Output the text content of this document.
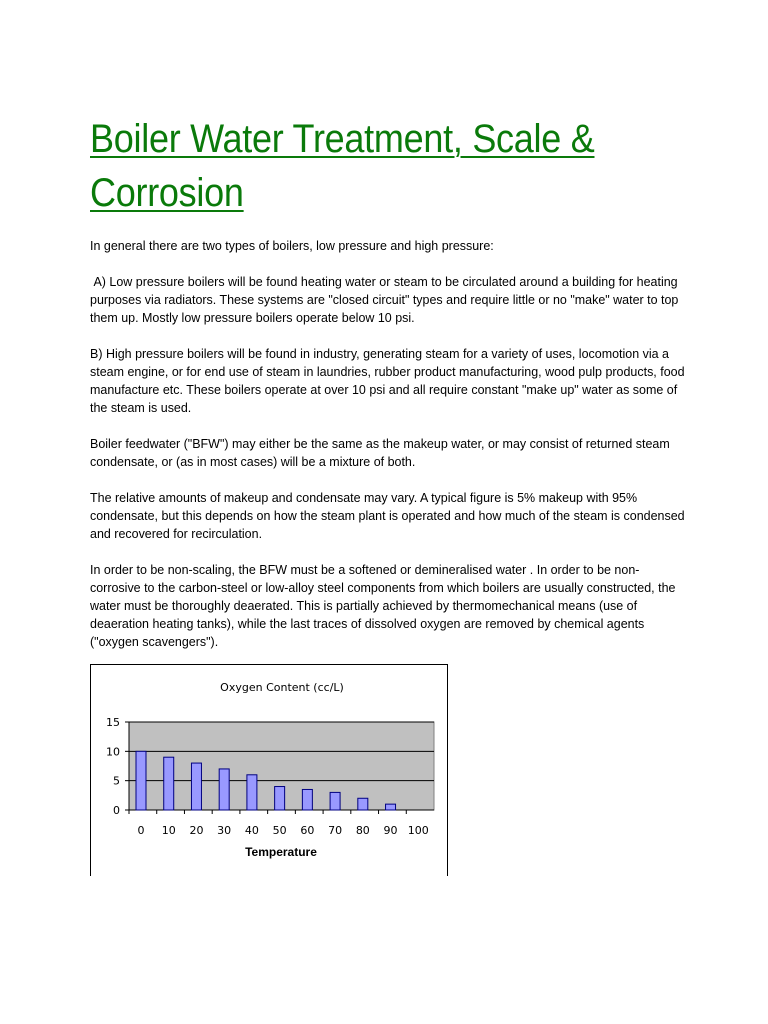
Boiler Water Treatment, Scale & Corrosion

In general there are two types of boilers, low pressure and high pressure:

A) Low pressure boilers will be found heating water or steam to be circulated around a building for heating purposes via radiators. These systems are "closed circuit" types and require little or no "make" water to top them up. Mostly low pressure boilers operate below 10 psi.

B) High pressure boilers will be found in industry, generating steam for a variety of uses, locomotion via a steam engine, or for end use of steam in laundries, rubber product manufacturing, wood pulp products, food manufacture etc. These boilers operate at over 10 psi and all require constant "make up" water as some of the steam is used.

Boiler feedwater ("BFW") may either be the same as the makeup water, or may consist of returned steam condensate, or (as in most cases) will be a mixture of both.

The relative amounts of makeup and condensate may vary. A typical figure is 5% makeup with 95% condensate, but this depends on how the steam plant is operated and how much of the steam is condensed and recovered for recirculation.

In order to be non-scaling, the BFW must be a softened or demineralised water . In order to be non-corrosive to the carbon-steel or low-alloy steel components from which boilers are usually constructed, the water must be thoroughly deaerated. This is partially achieved by thermomechanical means (use of deaeration heating tanks), while the last traces of dissolved oxygen are removed by chemical agents ("oxygen scavengers").

Oxygen Content (cc/L)
0
5
10
15
0 10 20 30 40 50 60 70 80 90 100
Temperature
